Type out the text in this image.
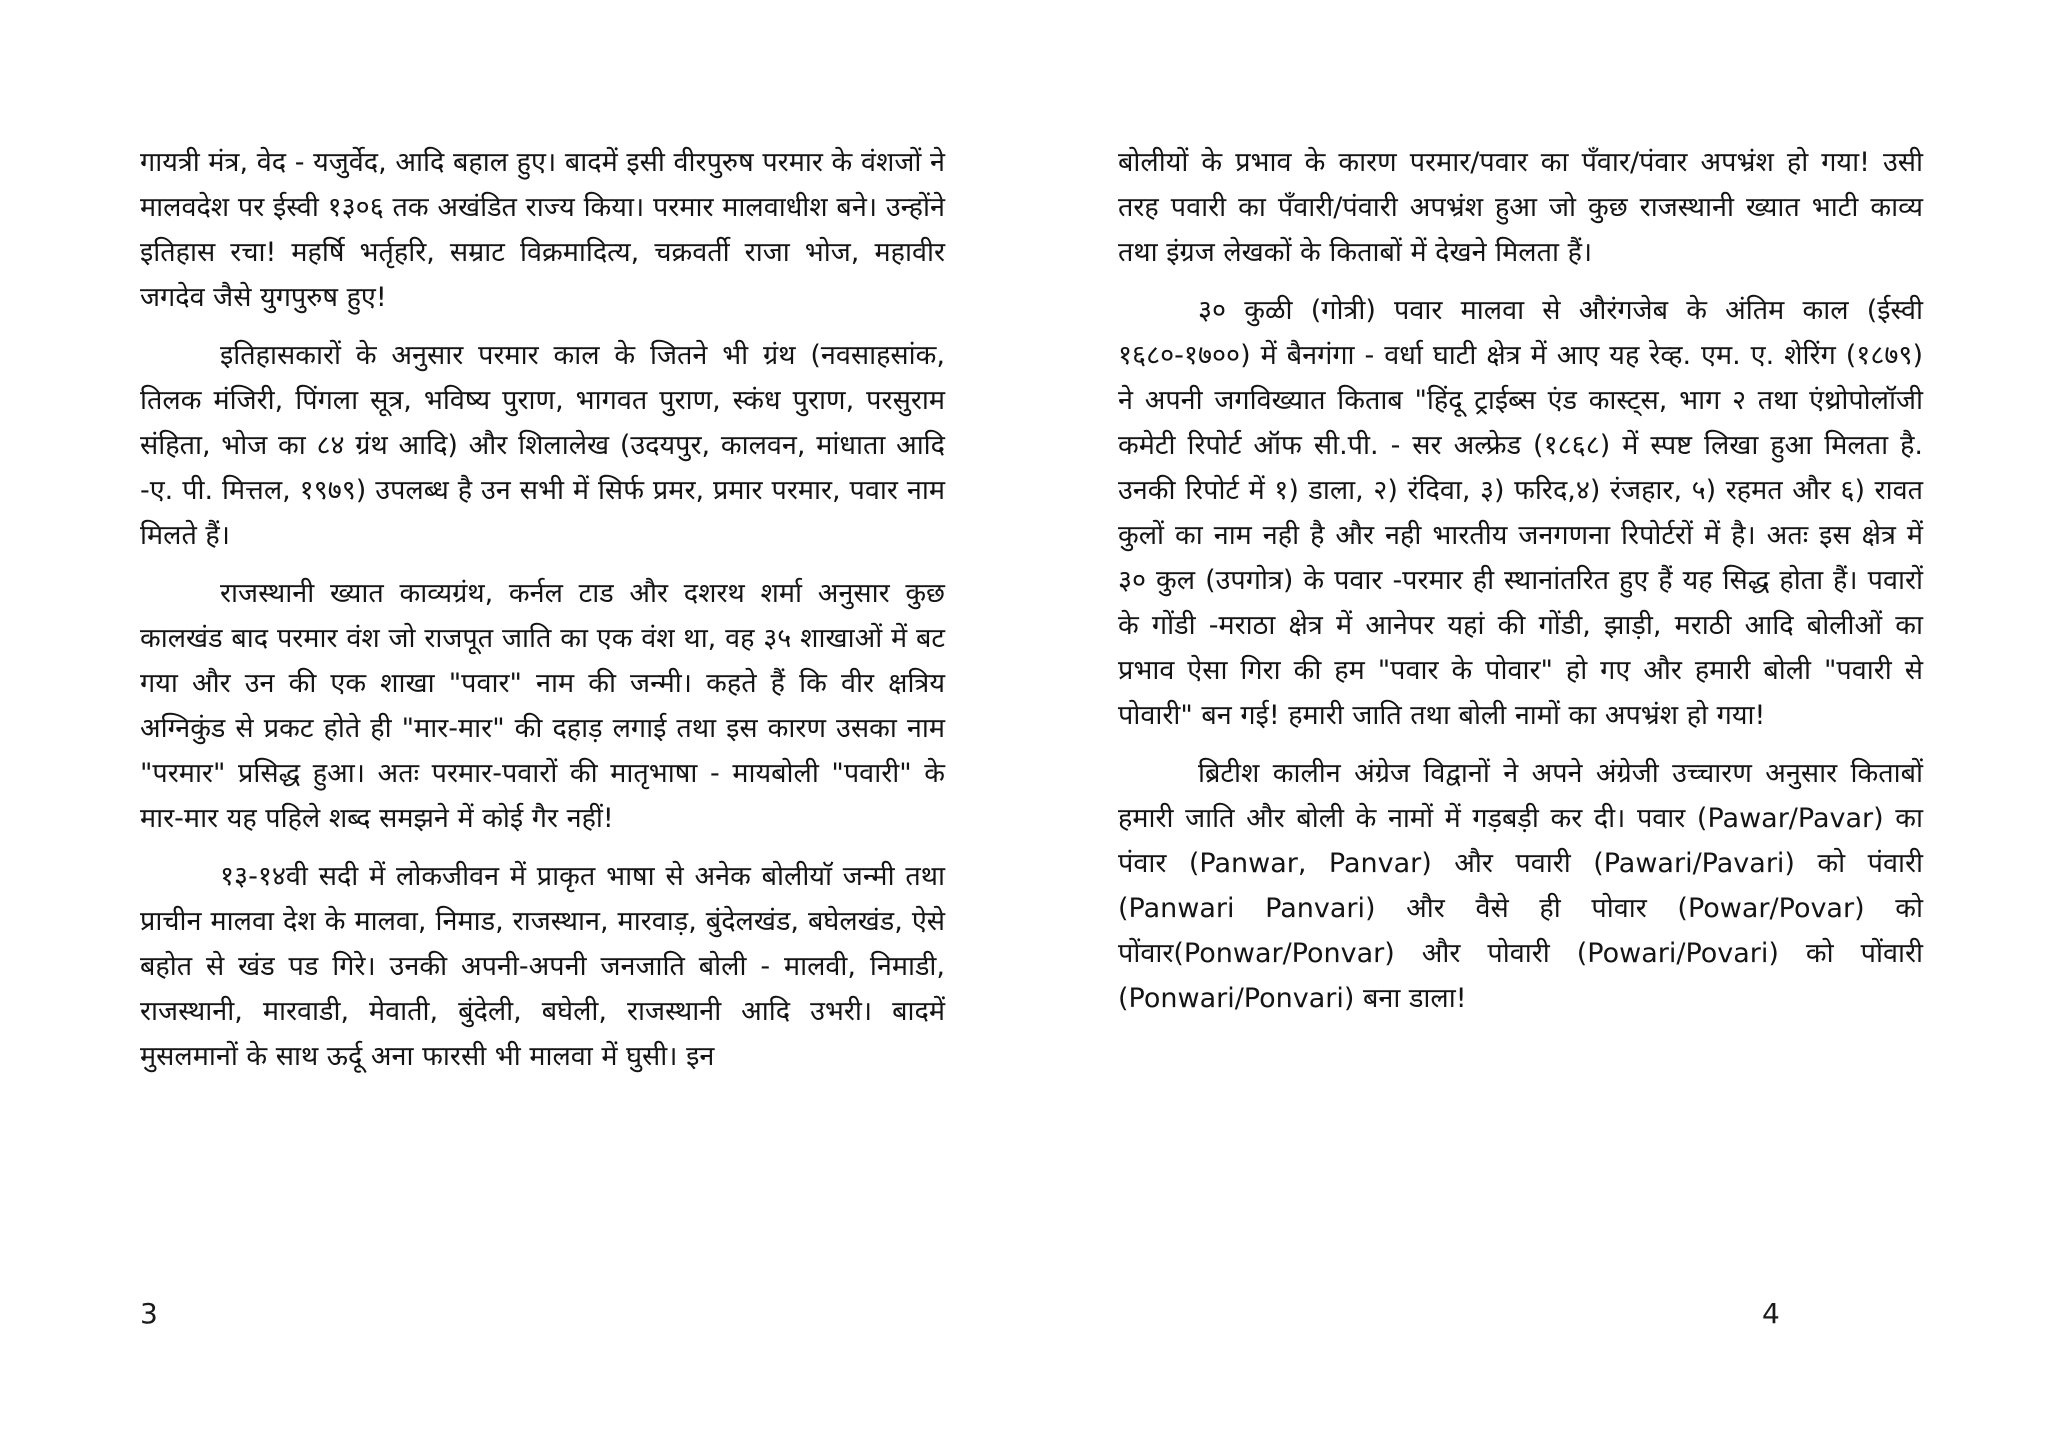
गायत्री मंत्र, वेद - यजुर्वेद, आदि बहाल हुए। बादमें इसी वीरपुरुष परमार के वंशजों ने मालवदेश पर ईस्वी १३०६ तक अखंडित राज्य किया। परमार मालवाधीश बने। उन्होंने इतिहास रचा! महर्षि भर्तृहरि, सम्राट विक्रमादित्य, चक्रवर्ती राजा भोज, महावीर जगदेव जैसे युगपुरुष हुए!

इतिहासकारों के अनुसार परमार काल के जितने भी ग्रंथ (नवसाहसांक, तिलक मंजिरी, पिंगला सूत्र, भविष्य पुराण, भागवत पुराण, स्कंध पुराण, परसुराम संहिता, भोज का ८४ ग्रंथ आदि) और शिलालेख (उदयपुर, कालवन, मांधाता आदि -ए. पी. मित्तल, १९७९) उपलब्ध है उन सभी में सिर्फ प्रमर, प्रमार परमार, पवार नाम मिलते हैं।

राजस्थानी ख्यात काव्यग्रंथ, कर्नल टाड और दशरथ शर्मा अनुसार कुछ कालखंड बाद परमार वंश जो राजपूत जाति का एक वंश था, वह ३५ शाखाओं में बट गया और उन की एक शाखा "पवार" नाम की जन्मी। कहते हैं कि वीर क्षत्रिय अग्निकुंड से प्रकट होते ही "मार-मार" की दहाड़ लगाई तथा इस कारण उसका नाम "परमार" प्रसिद्ध हुआ। अतः परमार-पवारों की मातृभाषा - मायबोली "पवारी" के मार-मार यह पहिले शब्द समझने में कोई गैर नहीं!

१३-१४वी सदी में लोकजीवन में प्राकृत भाषा से अनेक बोलीयाॅ जन्मी तथा प्राचीन मालवा देश के मालवा, निमाड, राजस्थान, मारवाड़, बुंदेलखंड, बघेलखंड, ऐसे बहोत से खंड पड गिरे। उनकी अपनी-अपनी जनजाति बोली - मालवी, निमाडी, राजस्थानी, मारवाडी, मेवाती, बुंदेली, बघेली, राजस्थानी आदि उभरी। बादमें मुसलमानों के साथ ऊर्दू अना फारसी भी मालवा में घुसी। इन

बोलीयों के प्रभाव के कारण परमार/पवार का पँवार/पंवार अपभ्रंश हो गया! उसी तरह पवारी का पँवारी/पंवारी अपभ्रंश हुआ जो कुछ राजस्थानी ख्यात भाटी काव्य तथा इंग्रज लेखकों के किताबों में देखने मिलता हैं।

३० कुळी (गोत्री) पवार मालवा से औरंगजेब के अंतिम काल (ईस्वी १६८०-१७००) में बैनगंगा - वर्धा घाटी क्षेत्र में आए यह रेव्ह. एम. ए. शेरिंग (१८७९) ने अपनी जगविख्यात किताब "हिंदू ट्राईब्स एंड कास्ट्स, भाग २ तथा एंथ्रोपोलॉजी कमेटी रिपोर्ट ऑफ सी.पी. - सर अल्फ्रेड (१८६८) में स्पष्ट लिखा हुआ मिलता है. उनकी रिपोर्ट में १) डाला, २) रंदिवा, ३) फरिद,४) रंजहार, ५) रहमत और ६) रावत कुलों का नाम नही है और नही भारतीय जनगणना रिपोर्टरों में है। अतः इस क्षेत्र में ३० कुल (उपगोत्र) के पवार -परमार ही स्थानांतरित हुए हैं यह सिद्ध होता हैं। पवारों के गोंडी -मराठा क्षेत्र में आनेपर यहां की गोंडी, झाड़ी, मराठी आदि बोलीओं का प्रभाव ऐसा गिरा की हम "पवार के पोवार" हो गए और हमारी बोली "पवारी से पोवारी" बन गई! हमारी जाति तथा बोली नामों का अपभ्रंश हो गया!

ब्रिटीश कालीन अंग्रेज विद्वानों ने अपने अंग्रेजी उच्चारण अनुसार किताबों हमारी जाति और बोली के नामों में गड़बड़ी कर दी। पवार (Pawar/Pavar) का पंवार (Panwar, Panvar) और पवारी (Pawari/Pavari) को पंवारी (Panwari Panvari) और वैसे ही पोवार (Powar/Povar) को पोंवार(Ponwar/Ponvar) और पोवारी (Powari/Povari) को पोंवारी (Ponwari/Ponvari) बना डाला!

3	4
